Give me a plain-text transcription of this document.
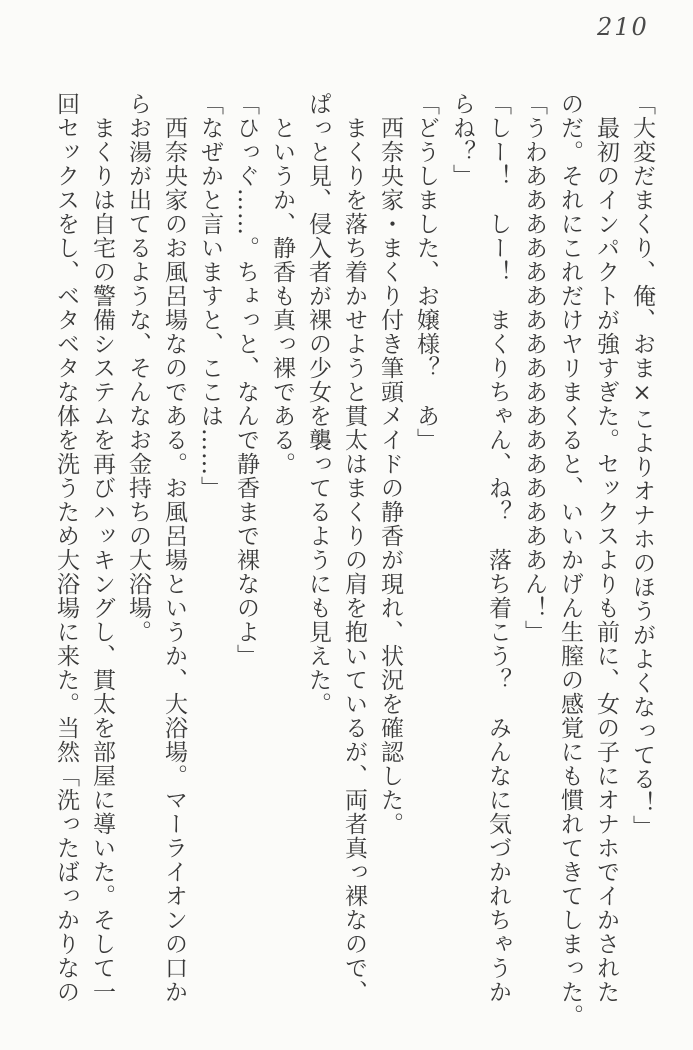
210
「大変だまくり、俺、おま×こよりオナホのほうがよくなってる！」
　最初のインパクトが強すぎた。セックスよりも前に、女の子にオナホでイかされた
のだ。それにこれだけヤリまくると、いいかげん生膣の感覚にも慣れてきてしまった。
「うわあああああああああああああああああん！」
「しー！　しー！　まくりちゃん、ね？　落ち着こう？　みんなに気づかれちゃうか
らね？」
「どうしました、お嬢様？　あ」
　西奈央家・まくり付き筆頭メイドの静香が現れ、状況を確認した。
　まくりを落ち着かせようと貫太はまくりの肩を抱いているが、両者真っ裸なので、
ぱっと見、侵入者が裸の少女を襲ってるようにも見えた。
　というか、静香も真っ裸である。
「ひっぐ……。ちょっと、なんで静香まで裸なのよ」
「なぜかと言いますと、ここは……」
　西奈央家のお風呂場なのである。お風呂場というか、大浴場。マーライオンの口か
らお湯が出てるような、そんなお金持ちの大浴場。
　まくりは自宅の警備システムを再びハッキングし、貫太を部屋に導いた。そして一
回セックスをし、ベタベタな体を洗うため大浴場に来た。当然「洗ったばっかりなの
